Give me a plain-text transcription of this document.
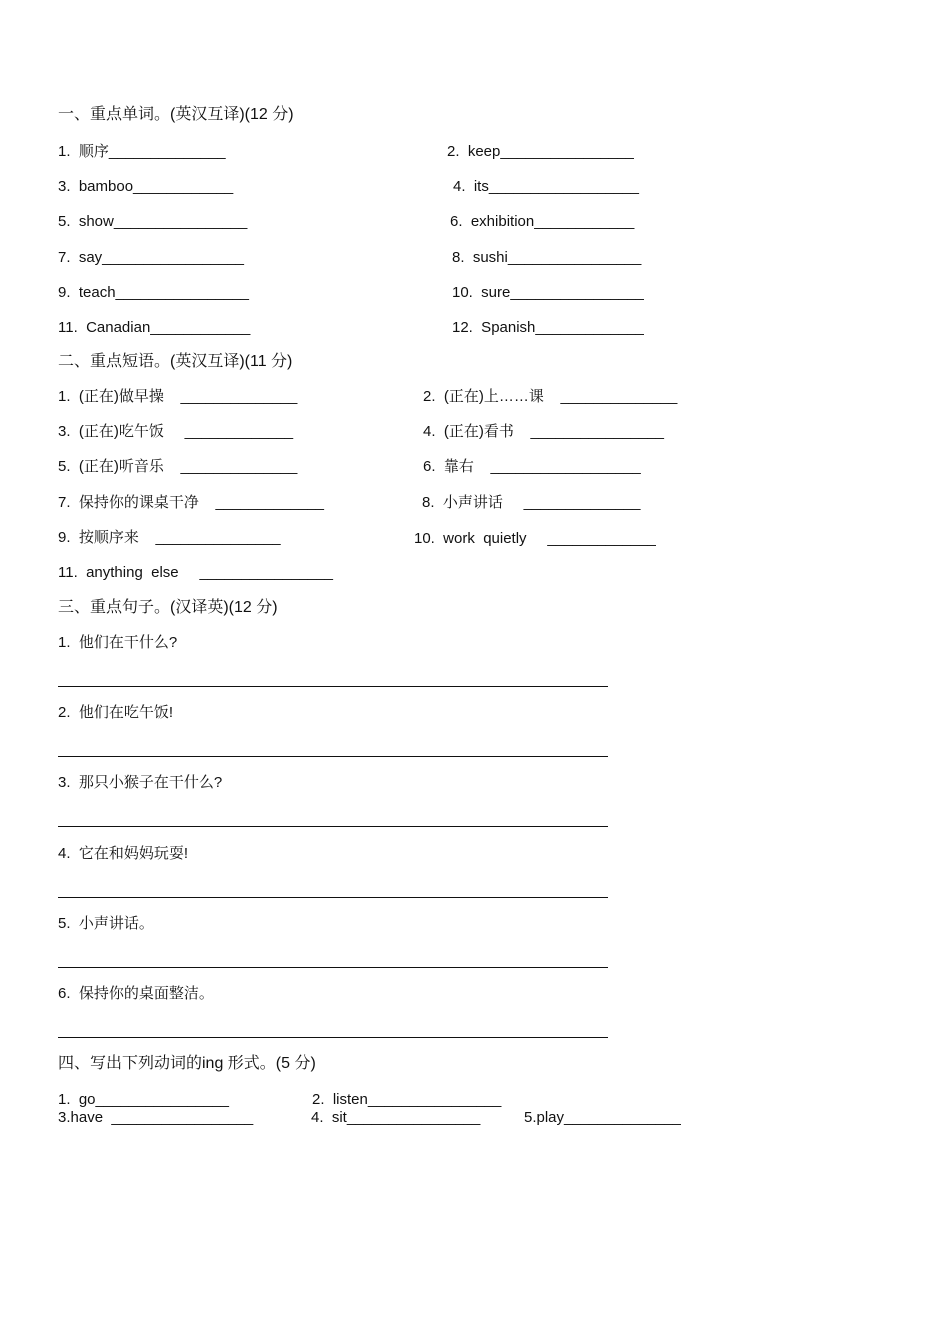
一、重点单词。(英汉互译)(12 分)
1.  顺序______________	2.  keep________________
3.  bamboo____________	4.  its__________________
5.  show________________	6.  exhibition____________
7.  say_________________	8.  sushi________________
9.  teach________________	10.  sure________________
11.  Canadian____________	12.  Spanish_____________
二、重点短语。(英汉互译)(11 分)
1.  (正在)做早操    ______________	2.  (正在)上……课    ______________
3.  (正在)吃午饭     _____________	4.  (正在)看书    ________________
5.  (正在)听音乐    ______________	6.  靠右    __________________
7.  保持你的课桌干净    _____________	8.  小声讲话     ______________
9.  按顺序来    _______________	10.  work  quietly     _____________
11.  anything  else     ________________
三、重点句子。(汉译英)(12 分)
1.  他们在干什么?
2.  他们在吃午饭!
3.  那只小猴子在干什么?
4.  它在和妈妈玩耍!
5.  小声讲话。
6.  保持你的桌面整洁。
四、写出下列动词的ing 形式。(5 分)
1.  go________________	2.  listen________________
3.have  _________________	4.  sit________________	5.play______________
